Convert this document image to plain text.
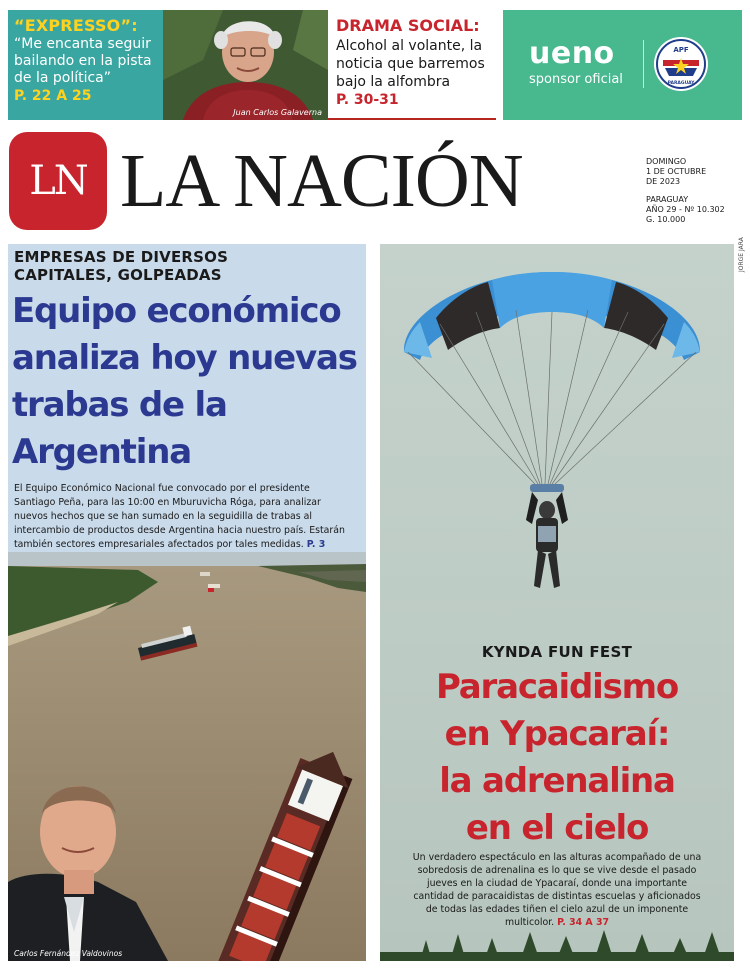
“EXPRESSO”:
“Me encanta seguir
bailando en la pista
de la política”
P. 22 A 25
Juan Carlos Galaverna
DRAMA SOCIAL:
Alcohol al volante, la
noticia que barremos
bajo la alfombra
P. 30-31
ueno
sponsor oficial
APF
PARAGUAY
LN LA NACIÓN	DOMINGO
1 DE OCTUBRE
DE 2023
PARAGUAY
AÑO 29 - Nº 10.302
G. 10.000
EMPRESAS DE DIVERSOS
CAPITALES, GOLPEADAS
Equipo económico
analiza hoy nuevas
trabas de la
Argentina
El Equipo Económico Nacional fue convocado por el presidente
Santiago Peña, para las 10:00 en Mburuvicha Róga, para analizar
nuevos hechos que se han sumado en la seguidilla de trabas al
intercambio de productos desde Argentina hacia nuestro país. Estarán
también sectores empresariales afectados por tales medidas. P. 3
Carlos Fernández Valdovinos
KYNDA FUN FEST
Paracaidismo
en Ypacaraí:
la adrenalina
en el cielo
Un verdadero espectáculo en las alturas acompañado de una
sobredosis de adrenalina es lo que se vive desde el pasado
jueves en la ciudad de Ypacaraí, donde una importante
cantidad de paracaidistas de distintas escuelas y aficionados
de todas las edades tiñen el cielo azul de un imponente
multicolor. P. 34 A 37
JORGE JARA
